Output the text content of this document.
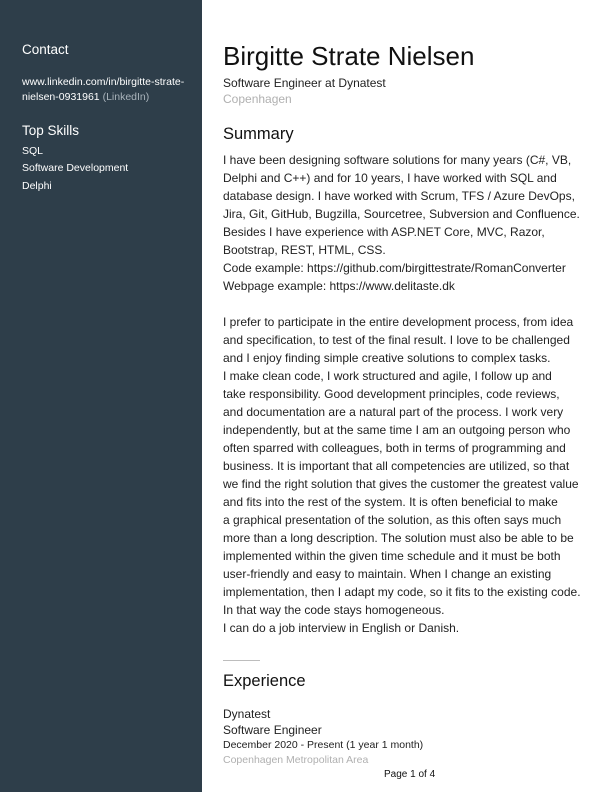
Contact
www.linkedin.com/in/birgitte-strate-
nielsen-0931961 (LinkedIn)
Top Skills
SQL
Software Development
Delphi
Birgitte Strate Nielsen
Software Engineer at Dynatest
Copenhagen
Summary
I have been designing software solutions for many years (C#, VB,
Delphi and C++) and for 10 years, I have worked with SQL and
database design. I have worked with Scrum, TFS / Azure DevOps,
Jira, Git, GitHub, Bugzilla, Sourcetree, Subversion and Confluence.
Besides I have experience with ASP.NET Core, MVC, Razor,
Bootstrap, REST, HTML, CSS.
Code example: https://github.com/birgittestrate/RomanConverter
Webpage example: https://www.delitaste.dk
I prefer to participate in the entire development process, from idea
and specification, to test of the final result. I love to be challenged
and I enjoy finding simple creative solutions to complex tasks.
I make clean code, I work structured and agile, I follow up and
take responsibility. Good development principles, code reviews,
and documentation are a natural part of the process. I work very
independently, but at the same time I am an outgoing person who
often sparred with colleagues, both in terms of programming and
business. It is important that all competencies are utilized, so that
we find the right solution that gives the customer the greatest value
and fits into the rest of the system. It is often beneficial to make
a graphical presentation of the solution, as this often says much
more than a long description. The solution must also be able to be
implemented within the given time schedule and it must be both
user-friendly and easy to maintain. When I change an existing
implementation, then I adapt my code, so it fits to the existing code.
In that way the code stays homogeneous.
I can do a job interview in English or Danish.
Experience
Dynatest
Software Engineer
December 2020 - Present (1 year 1 month)
Copenhagen Metropolitan Area
Page 1 of 4
